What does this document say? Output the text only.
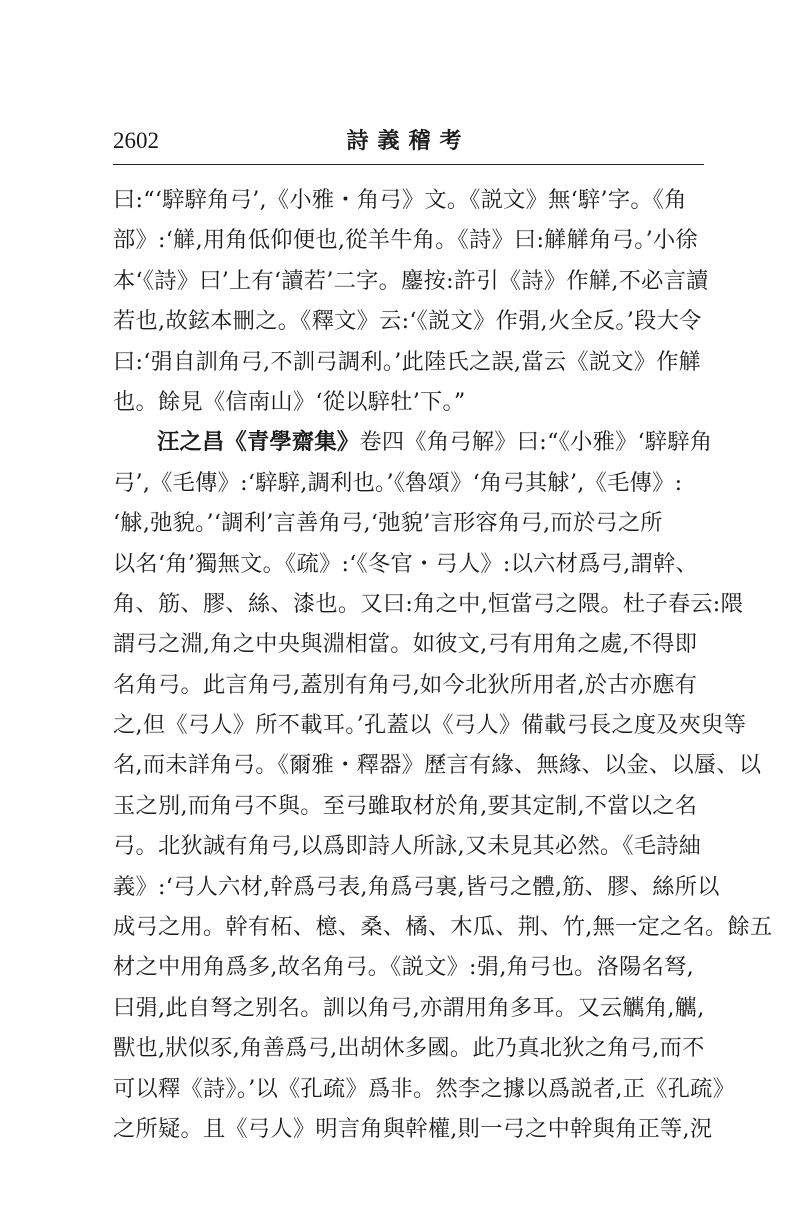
2602	詩義稽考
曰:“‘騂騂角弓’,《小雅・角弓》文。《説文》無‘騂’字。《角
部》:‘觲,用角低仰便也,從羊牛角。《詩》曰:觲觲角弓。’小徐
本‘《詩》曰’上有‘讀若’二字。鏖按:許引《詩》作觲,不必言讀
若也,故鉉本刪之。《釋文》云:‘《説文》作弲,火全反。’段大令
曰:‘弲自訓角弓,不訓弓調利。’此陸氏之誤,當云《説文》作觲
也。餘見《信南山》‘從以騂牡’下。”
汪之昌《青學齋集》卷四《角弓解》曰:“《小雅》‘騂騂角
弓’,《毛傳》:‘騂騂,調利也。’《魯頌》‘角弓其觩’,《毛傳》:
‘觩,弛貌。’‘調利’言善角弓,‘弛貌’言形容角弓,而於弓之所
以名‘角’獨無文。《疏》:‘《冬官・弓人》:以六材爲弓,謂幹、
角、筋、膠、絲、漆也。又曰:角之中,恒當弓之隈。杜子春云:隈
謂弓之淵,角之中央與淵相當。如彼文,弓有用角之處,不得即
名角弓。此言角弓,蓋別有角弓,如今北狄所用者,於古亦應有
之,但《弓人》所不載耳。’孔蓋以《弓人》備載弓長之度及夾臾等
名,而未詳角弓。《爾雅・釋器》歷言有緣、無緣、以金、以蜃、以
玉之別,而角弓不與。至弓雖取材於角,要其定制,不當以之名
弓。北狄誠有角弓,以爲即詩人所詠,又未見其必然。《毛詩紬
義》:‘弓人六材,幹爲弓表,角爲弓裏,皆弓之體,筋、膠、絲所以
成弓之用。幹有柘、檍、桑、橘、木瓜、荆、竹,無一定之名。餘五
材之中用角爲多,故名角弓。《説文》:弲,角弓也。洛陽名弩,
曰弲,此自弩之别名。訓以角弓,亦謂用角多耳。又云觽角,觽,
獸也,狀似豕,角善爲弓,出胡休多國。此乃真北狄之角弓,而不
可以釋《詩》。’以《孔疏》爲非。然李之據以爲説者,正《孔疏》
之所疑。且《弓人》明言角與幹權,則一弓之中幹與角正等,況
